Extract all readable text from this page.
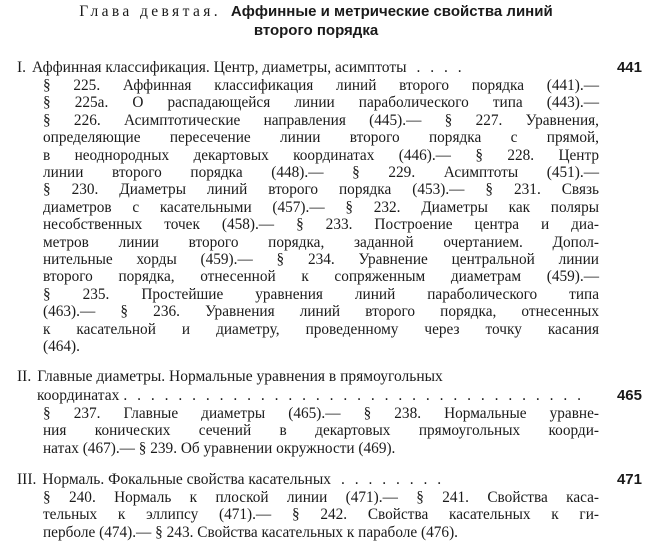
Глава девятая. Аффинные и метрические свойства линий
второго порядка
I. Аффинная классификация. Центр, диаметры, асимптоты . . . .	441
§ 225. Аффинная классификация линий второго порядка (441).—
§ 225а. О распадающейся линии параболического типа (443).—
§ 226. Асимптотические направления (445).— § 227. Уравнения,
определяющие пересечение линии второго порядка с прямой,
в неоднородных декартовых координатах (446).— § 228. Центр
линии второго порядка (448).— § 229. Асимптоты (451).—
§ 230. Диаметры линий второго порядка (453).— § 231. Связь
диаметров с касательными (457).— § 232. Диаметры как поляры
несобственных точек (458).— § 233. Построение центра и диа-
метров линии второго порядка, заданной очертанием. Допол-
нительные хорды (459).— § 234. Уравнение центральной линии
второго порядка, отнесенной к сопряженным диаметрам (459).—
§ 235. Простейшие уравнения линий параболического типа
(463).— § 236. Уравнения линий второго порядка, отнесенных
к касательной и диаметру, проведенному через точку касания
(464).
II. Главные диаметры. Нормальные уравнения в прямоугольных
координатах . . . . . . . . . . . . . . . . . . . . . . . . . . . . . . . . . .	465
§ 237. Главные диаметры (465).— § 238. Нормальные уравне-
ния конических сечений в декартовых прямоугольных коорди-
натах (467).— § 239. Об уравнении окружности (469).
III. Нормаль. Фокальные свойства касательных . . . . . . . .	471
§ 240. Нормаль к плоской линии (471).— § 241. Свойства каса-
тельных к эллипсу (471).— § 242. Свойства касательных к ги-
перболе (474).— § 243. Свойства касательных к параболе (476).
